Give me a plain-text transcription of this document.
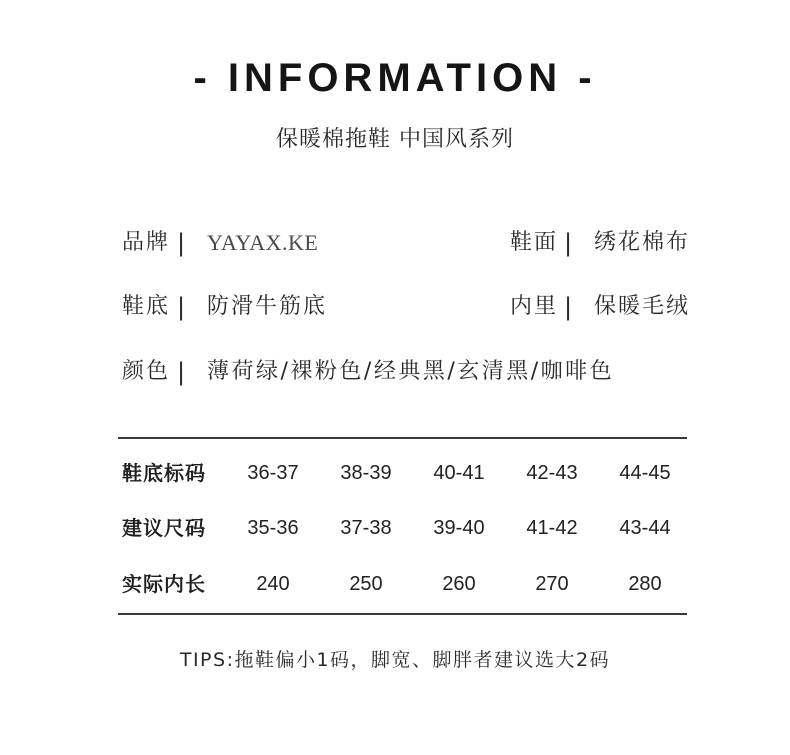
- INFORMATION -
保暖棉拖鞋 中国风系列
品牌 | YAYAX.KE	鞋面 | 绣花棉布
鞋底 | 防滑牛筋底	内里 | 保暖毛绒
颜色 | 薄荷绿/裸粉色/经典黑/玄清黑/咖啡色
鞋底标码	36-37	38-39	40-41	42-43	44-45
建议尺码	35-36	37-38	39-40	41-42	43-44
实际内长	240	250	260	270	280
TIPS:拖鞋偏小1码，脚宽、脚胖者建议选大2码
